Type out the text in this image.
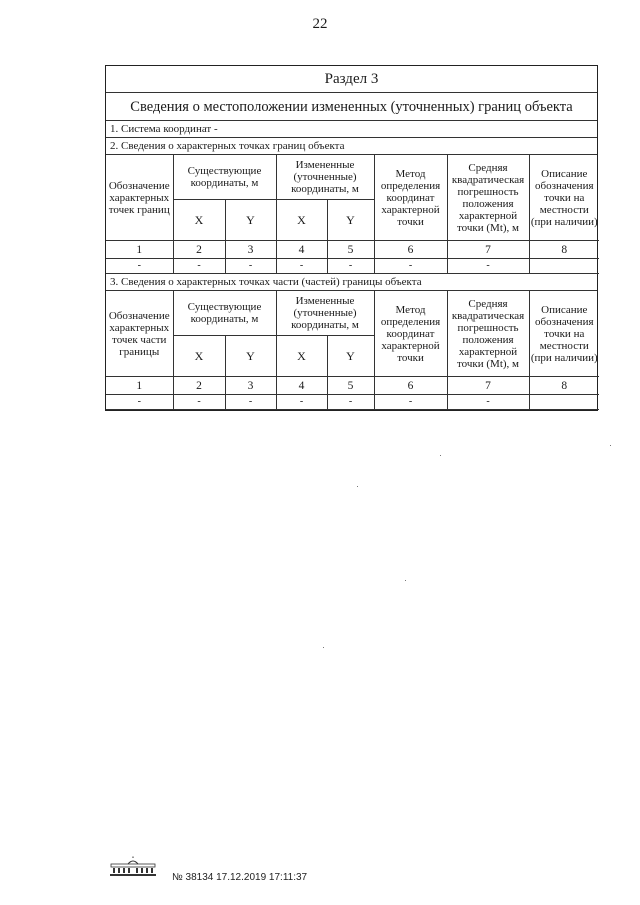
22
Раздел 3
Сведения о местоположении измененных (уточненных) границ объекта
1. Система координат -
2. Сведения о характерных точках границ объекта
Обозначение характерных точек границ	Существующие координаты, м		Измененные (уточненные) координаты, м		Метод определения координат характерной точки	Средняя квадратическая погрешность положения характерной точки (Mt), м	Описание обозначения точки на местности (при наличии)
	X	Y	X	Y			
1	2	3	4	5	6	7	8
-	-	-	-	-	-	-	
3. Сведения о характерных точках части (частей) границы объекта
Обозначение характерных точек части границы	Существующие координаты, м		Измененные (уточненные) координаты, м		Метод определения координат характерной точки	Средняя квадратическая погрешность положения характерной точки (Mt), м	Описание обозначения точки на местности (при наличии)
	X	Y	X	Y			
1	2	3	4	5	6	7	8
-	-	-	-	-	-	-	
№ 38134 17.12.2019 17:11:37
